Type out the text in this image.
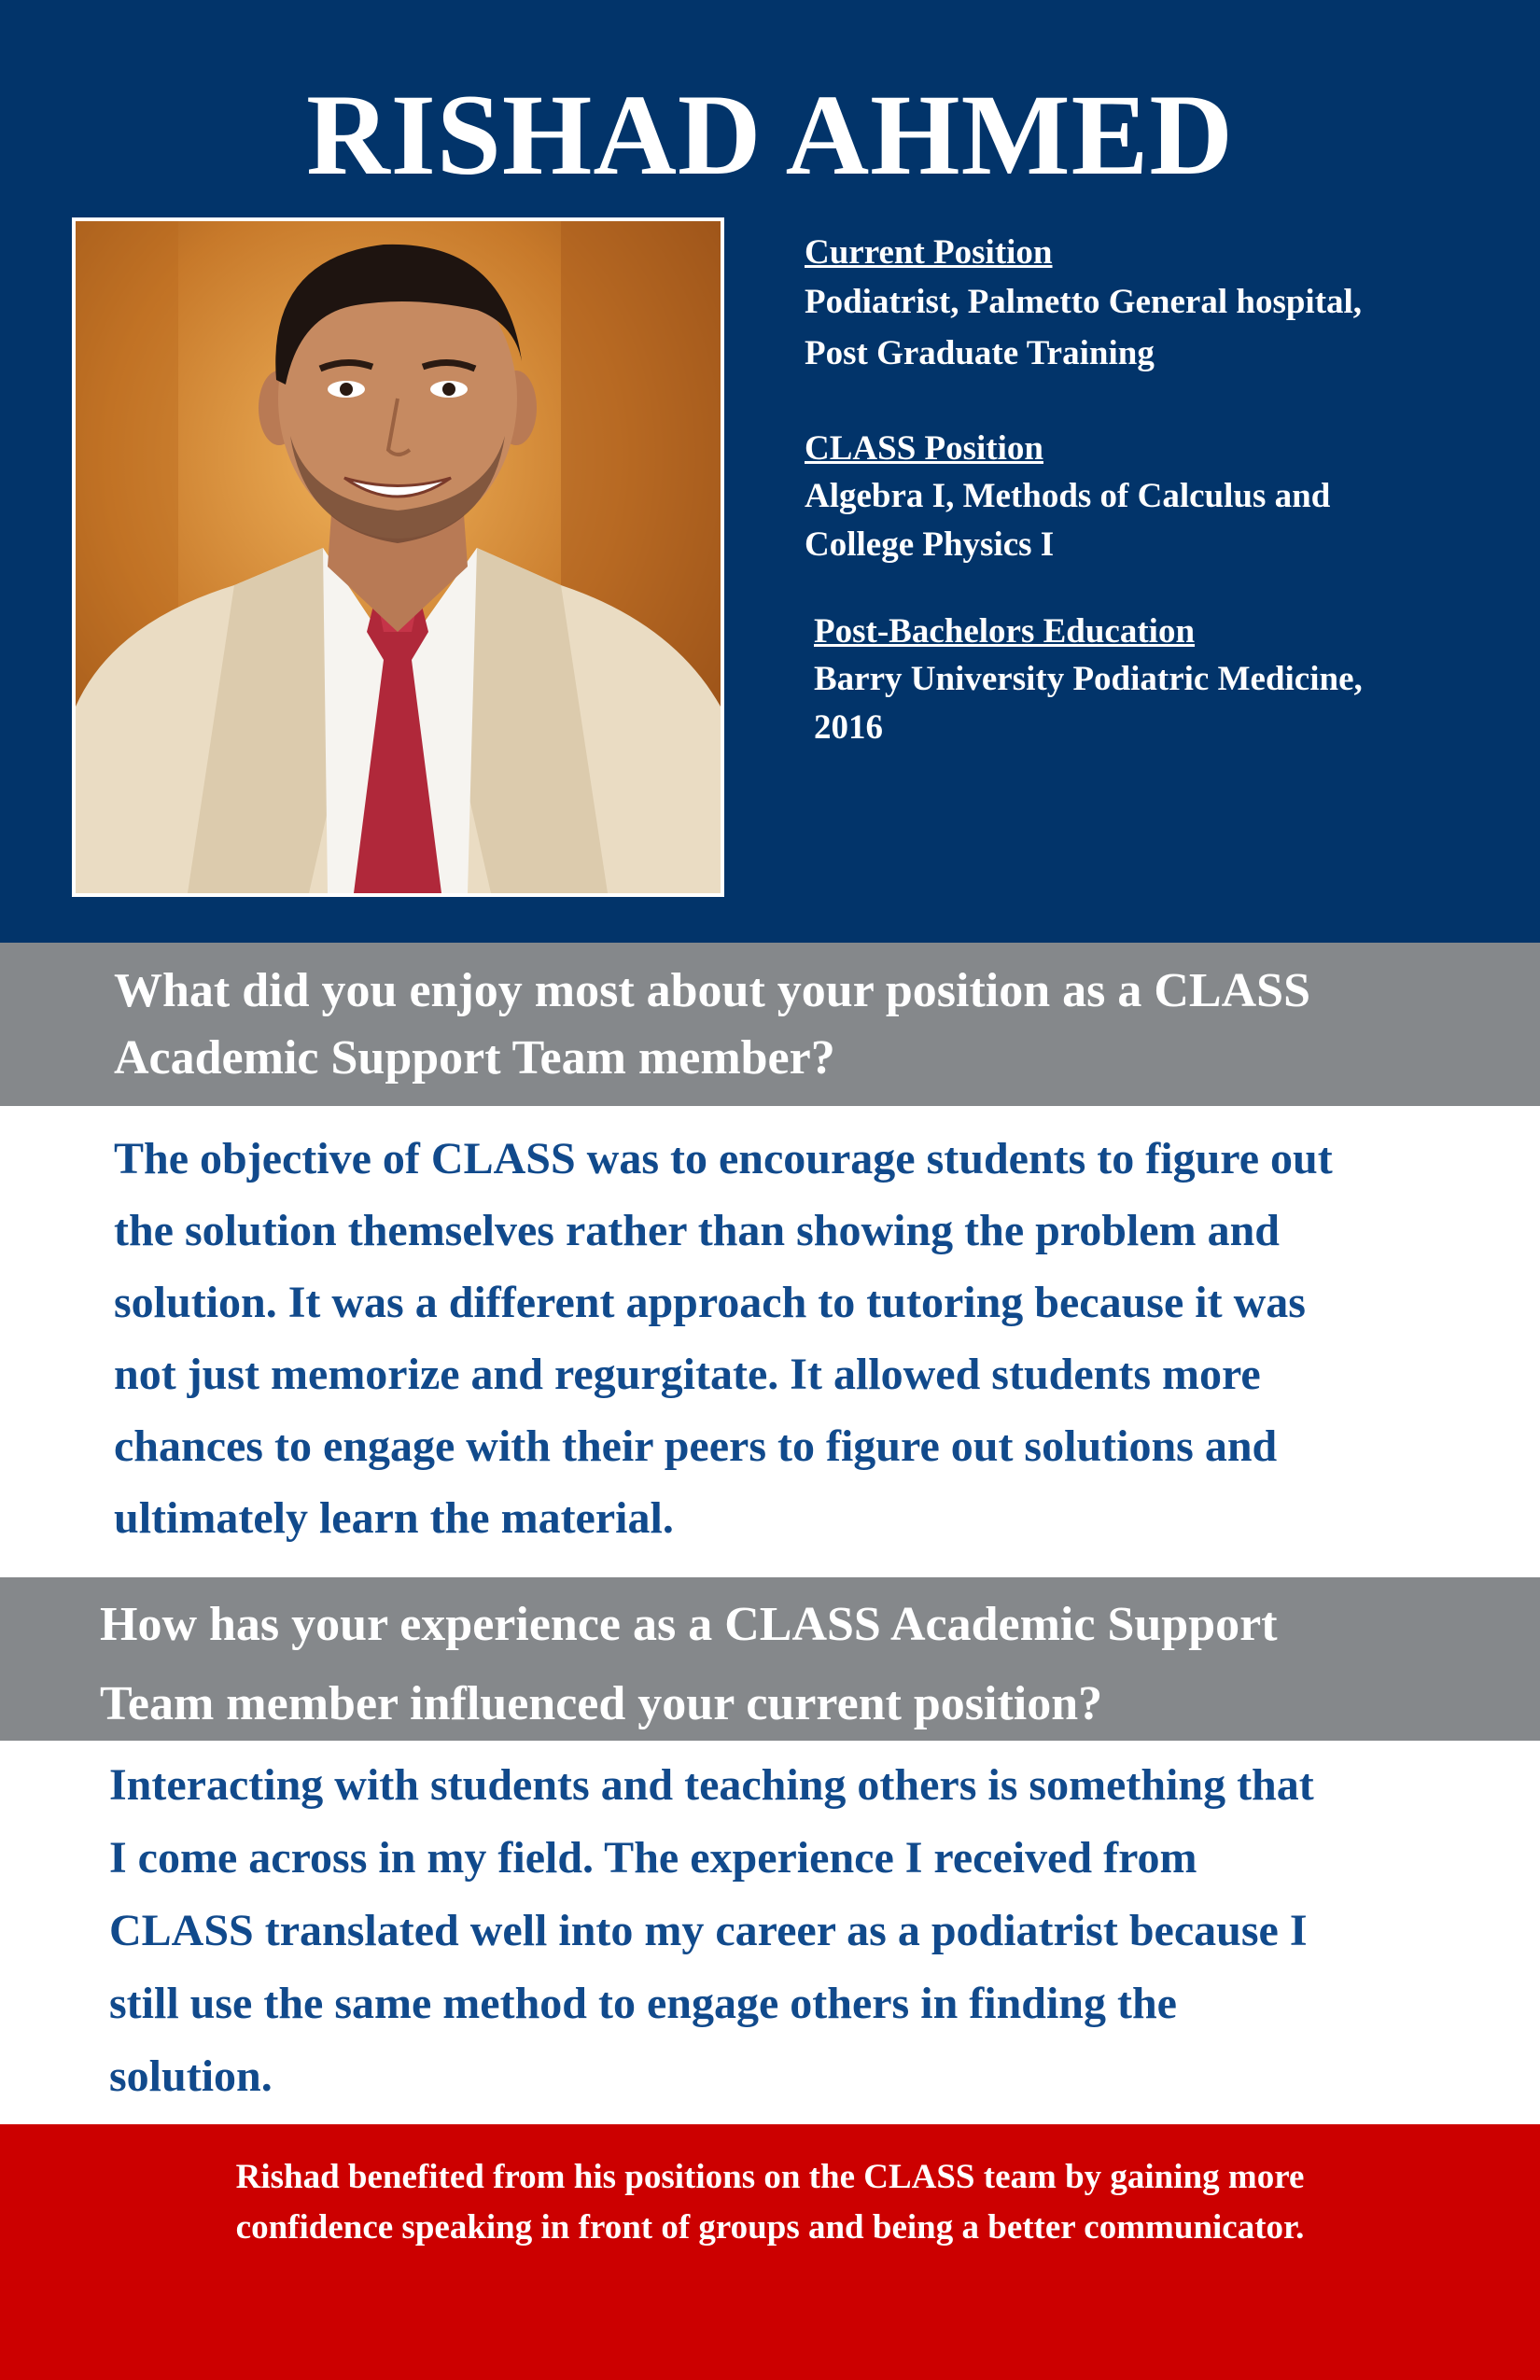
RISHAD AHMED
Current Position
Podiatrist, Palmetto General hospital,
Post Graduate Training
CLASS Position
Algebra I, Methods of Calculus and
College Physics I
Post-Bachelors Education
Barry University Podiatric Medicine,
2016
What did you enjoy most about your position as a CLASS
Academic Support Team member?
The objective of CLASS was to encourage students to figure out
the solution themselves rather than showing the problem and
solution. It was a different approach to tutoring because it was
not just memorize and regurgitate. It allowed students more
chances to engage with their peers to figure out solutions and
ultimately learn the material.
How has your experience as a CLASS Academic Support
Team member influenced your current position?
Interacting with students and teaching others is something that
I come across in my field. The experience I received from
CLASS translated well into my career as a podiatrist because I
still use the same method to engage others in finding the
solution.
Rishad benefited from his positions on the CLASS team by gaining more
confidence speaking in front of groups and being a better communicator.
